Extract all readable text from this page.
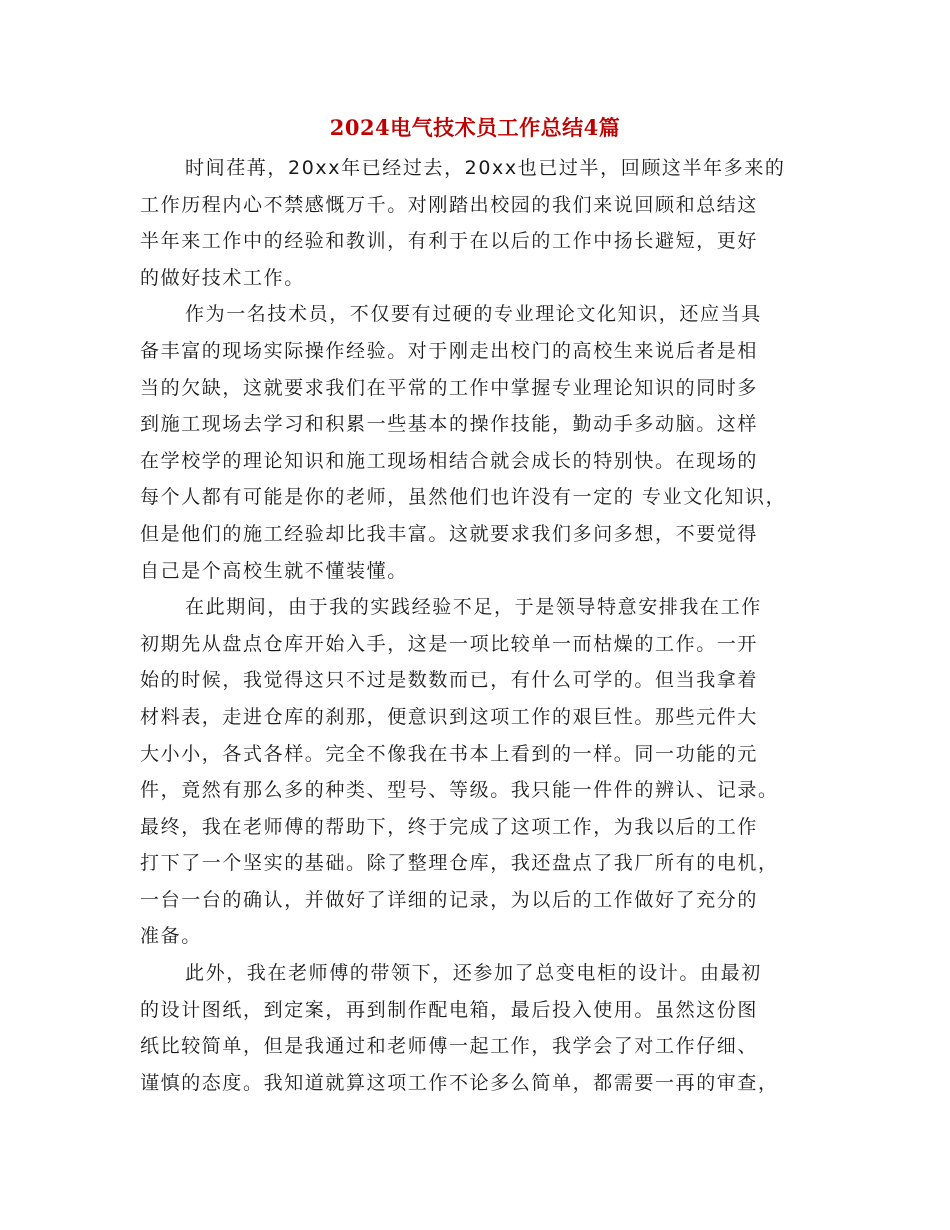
2024电气技术员工作总结4篇
时间荏苒，20xx年已经过去，20xx也已过半，回顾这半年多来的
工作历程内心不禁感慨万千。对刚踏出校园的我们来说回顾和总结这
半年来工作中的经验和教训，有利于在以后的工作中扬长避短，更好
的做好技术工作。
作为一名技术员，不仅要有过硬的专业理论文化知识，还应当具
备丰富的现场实际操作经验。对于刚走出校门的高校生来说后者是相
当的欠缺，这就要求我们在平常的工作中掌握专业理论知识的同时多
到施工现场去学习和积累一些基本的操作技能，勤动手多动脑。这样
在学校学的理论知识和施工现场相结合就会成长的特别快。在现场的
每个人都有可能是你的老师，虽然他们也许没有一定的 专业文化知识，
但是他们的施工经验却比我丰富。这就要求我们多问多想，不要觉得
自己是个高校生就不懂装懂。
在此期间，由于我的实践经验不足，于是领导特意安排我在工作
初期先从盘点仓库开始入手，这是一项比较单一而枯燥的工作。一开
始的时候，我觉得这只不过是数数而已，有什么可学的。但当我拿着
材料表，走进仓库的刹那，便意识到这项工作的艰巨性。那些元件大
大小小，各式各样。完全不像我在书本上看到的一样。同一功能的元
件，竟然有那么多的种类、型号、等级。我只能一件件的辨认、记录。
最终，我在老师傅的帮助下，终于完成了这项工作，为我以后的工作
打下了一个坚实的基础。除了整理仓库，我还盘点了我厂所有的电机，
一台一台的确认，并做好了详细的记录，为以后的工作做好了充分的
准备。
此外，我在老师傅的带领下，还参加了总变电柜的设计。由最初
的设计图纸，到定案，再到制作配电箱，最后投入使用。虽然这份图
纸比较简单，但是我通过和老师傅一起工作，我学会了对工作仔细、
谨慎的态度。我知道就算这项工作不论多么简单，都需要一再的审查，
